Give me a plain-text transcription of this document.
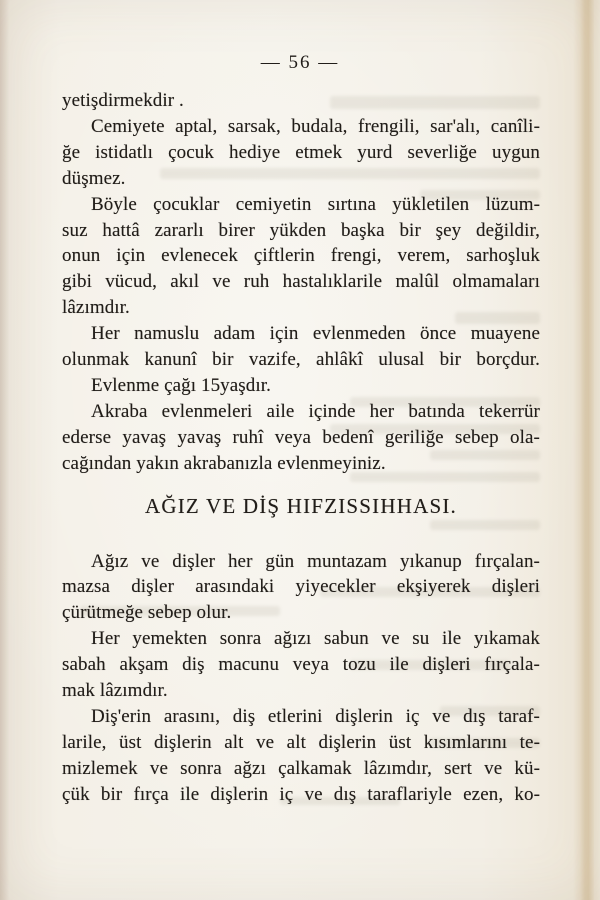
— 56 —
yetişdirmekdir .
Cemiyete aptal, sarsak, budala, frengili, sar'alı, canîli-
ğe istidatlı çocuk hediye etmek yurd severliğe uygun
düşmez.
Böyle çocuklar cemiyetin sırtına yükletilen lüzum-
suz hattâ zararlı birer yükden başka bir şey değildir,
onun için evlenecek çiftlerin frengi, verem, sarhoşluk
gibi vücud, akıl ve ruh hastalıklarile malûl olmamaları
lâzımdır.
Her namuslu adam için evlenmeden önce muayene
olunmak kanunî bir vazife, ahlâkî ulusal bir borçdur.
Evlenme çağı 15yaşdır.
Akraba evlenmeleri aile içinde her batında tekerrür
ederse yavaş yavaş ruhî veya bedenî geriliğe sebep ola-
cağından yakın akrabanızla evlenmeyiniz.
AĞIZ VE DİŞ HIFZISSIHHASI.
Ağız ve dişler her gün muntazam yıkanup fırçalan-
mazsa dişler arasındaki yiyecekler ekşiyerek dişleri
çürütmeğe sebep olur.
Her yemekten sonra ağızı sabun ve su ile yıkamak
sabah akşam diş macunu veya tozu ile dişleri fırçala-
mak lâzımdır.
Diş'erin arasını, diş etlerini dişlerin iç ve dış taraf-
larile, üst dişlerin alt ve alt dişlerin üst kısımlarını te-
mizlemek ve sonra ağzı çalkamak lâzımdır, sert ve kü-
çük bir fırça ile dişlerin iç ve dış taraflariyle ezen, ko-
